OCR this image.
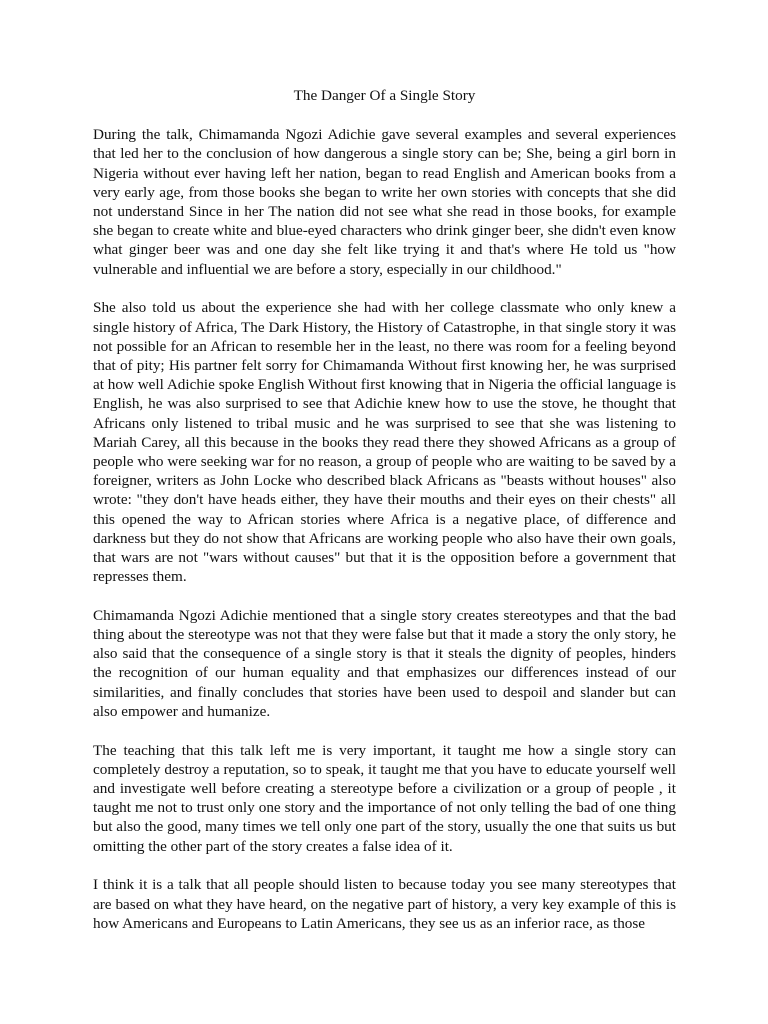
The Danger Of a Single Story

During the talk, Chimamanda Ngozi Adichie gave several examples and several experiences that led her to the conclusion of how dangerous a single story can be; She, being a girl born in Nigeria without ever having left her nation, began to read English and American books from a very early age, from those books she began to write her own stories with concepts that she did not understand Since in her The nation did not see what she read in those books, for example she began to create white and blue-eyed characters who drink ginger beer, she didn't even know what ginger beer was and one day she felt like trying it and that's where He told us "how vulnerable and influential we are before a story, especially in our childhood."

She also told us about the experience she had with her college classmate who only knew a single history of Africa, The Dark History, the History of Catastrophe, in that single story it was not possible for an African to resemble her in the least, no there was room for a feeling beyond that of pity; His partner felt sorry for Chimamanda Without first knowing her, he was surprised at how well Adichie spoke English Without first knowing that in Nigeria the official language is English, he was also surprised to see that Adichie knew how to use the stove, he thought that Africans only listened to tribal music and he was surprised to see that she was listening to Mariah Carey, all this because in the books they read there they showed Africans as a group of people who were seeking war for no reason, a group of people who are waiting to be saved by a foreigner, writers as John Locke who described black Africans as "beasts without houses" also wrote: "they don't have heads either, they have their mouths and their eyes on their chests" all this opened the way to African stories where Africa is a negative place, of difference and darkness but they do not show that Africans are working people who also have their own goals, that wars are not "wars without causes" but that it is the opposition before a government that represses them.

Chimamanda Ngozi Adichie mentioned that a single story creates stereotypes and that the bad thing about the stereotype was not that they were false but that it made a story the only story, he also said that the consequence of a single story is that it steals the dignity of peoples, hinders the recognition of our human equality and that emphasizes our differences instead of our similarities, and finally concludes that stories have been used to despoil and slander but can also empower and humanize.

The teaching that this talk left me is very important, it taught me how a single story can completely destroy a reputation, so to speak, it taught me that you have to educate yourself well and investigate well before creating a stereotype before a civilization or a group of people , it taught me not to trust only one story and the importance of not only telling the bad of one thing but also the good, many times we tell only one part of the story, usually the one that suits us but omitting the other part of the story creates a false idea of it.

I think it is a talk that all people should listen to because today you see many stereotypes that are based on what they have heard, on the negative part of history, a very key example of this is how Americans and Europeans to Latin Americans, they see us as an inferior race, as those
